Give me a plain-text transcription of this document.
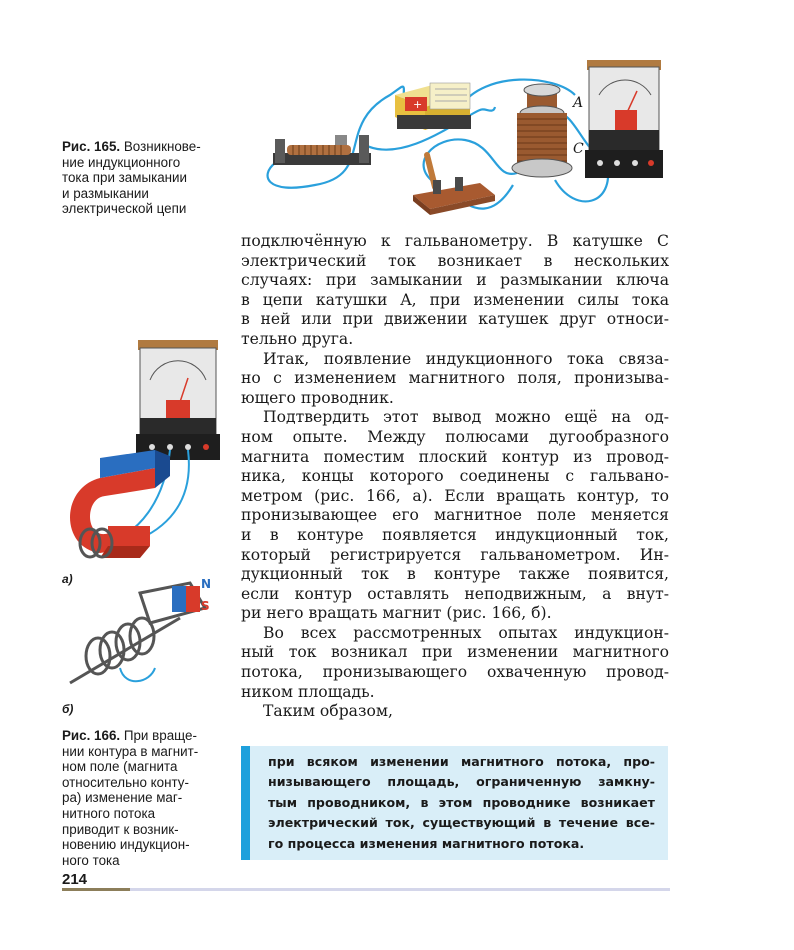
+	A
C
Рис. 165. Возникнове-
ние индукционного
тока при замыкании
и размыкании
электрической цепи
N
S
а)
б)
Рис. 166. При враще-
нии контура в магнит-
ном поле (магнита
относительно конту-
ра) изменение маг-
нитного потока
приводит к возник-
новению индукцион-
ного тока

подключённую к гальванометру. В катушке C
электрический ток возникает в нескольких
случаях: при замыкании и размыкании ключа
в цепи катушки A, при изменении силы тока
в ней или при движении катушек друг относи-
тельно друга.

Итак, появление индукционного тока связа-
но с изменением магнитного поля, пронизыва-
ющего проводник.

Подтвердить этот вывод можно ещё на од-
ном опыте. Между полюсами дугообразного
магнита поместим плоский контур из провод-
ника, концы которого соединены с гальвано-
метром (рис. 166, а). Если вращать контур, то
пронизывающее его магнитное поле меняется
и в контуре появляется индукционный ток,
который регистрируется гальванометром. Ин-
дукционный ток в контуре также появится,
если контур оставлять неподвижным, а внут-
ри него вращать магнит (рис. 166, б).

Во всех рассмотренных опытах индукцион-
ный ток возникал при изменении магнитного
потока, пронизывающего охваченную провод-
ником площадь.

Таким образом,

при всяком изменении магнитного потока, про-
низывающего площадь, ограниченную замкну-
тым проводником, в этом проводнике возникает
электрический ток, существующий в течение все-
го процесса изменения магнитного потока.
214
